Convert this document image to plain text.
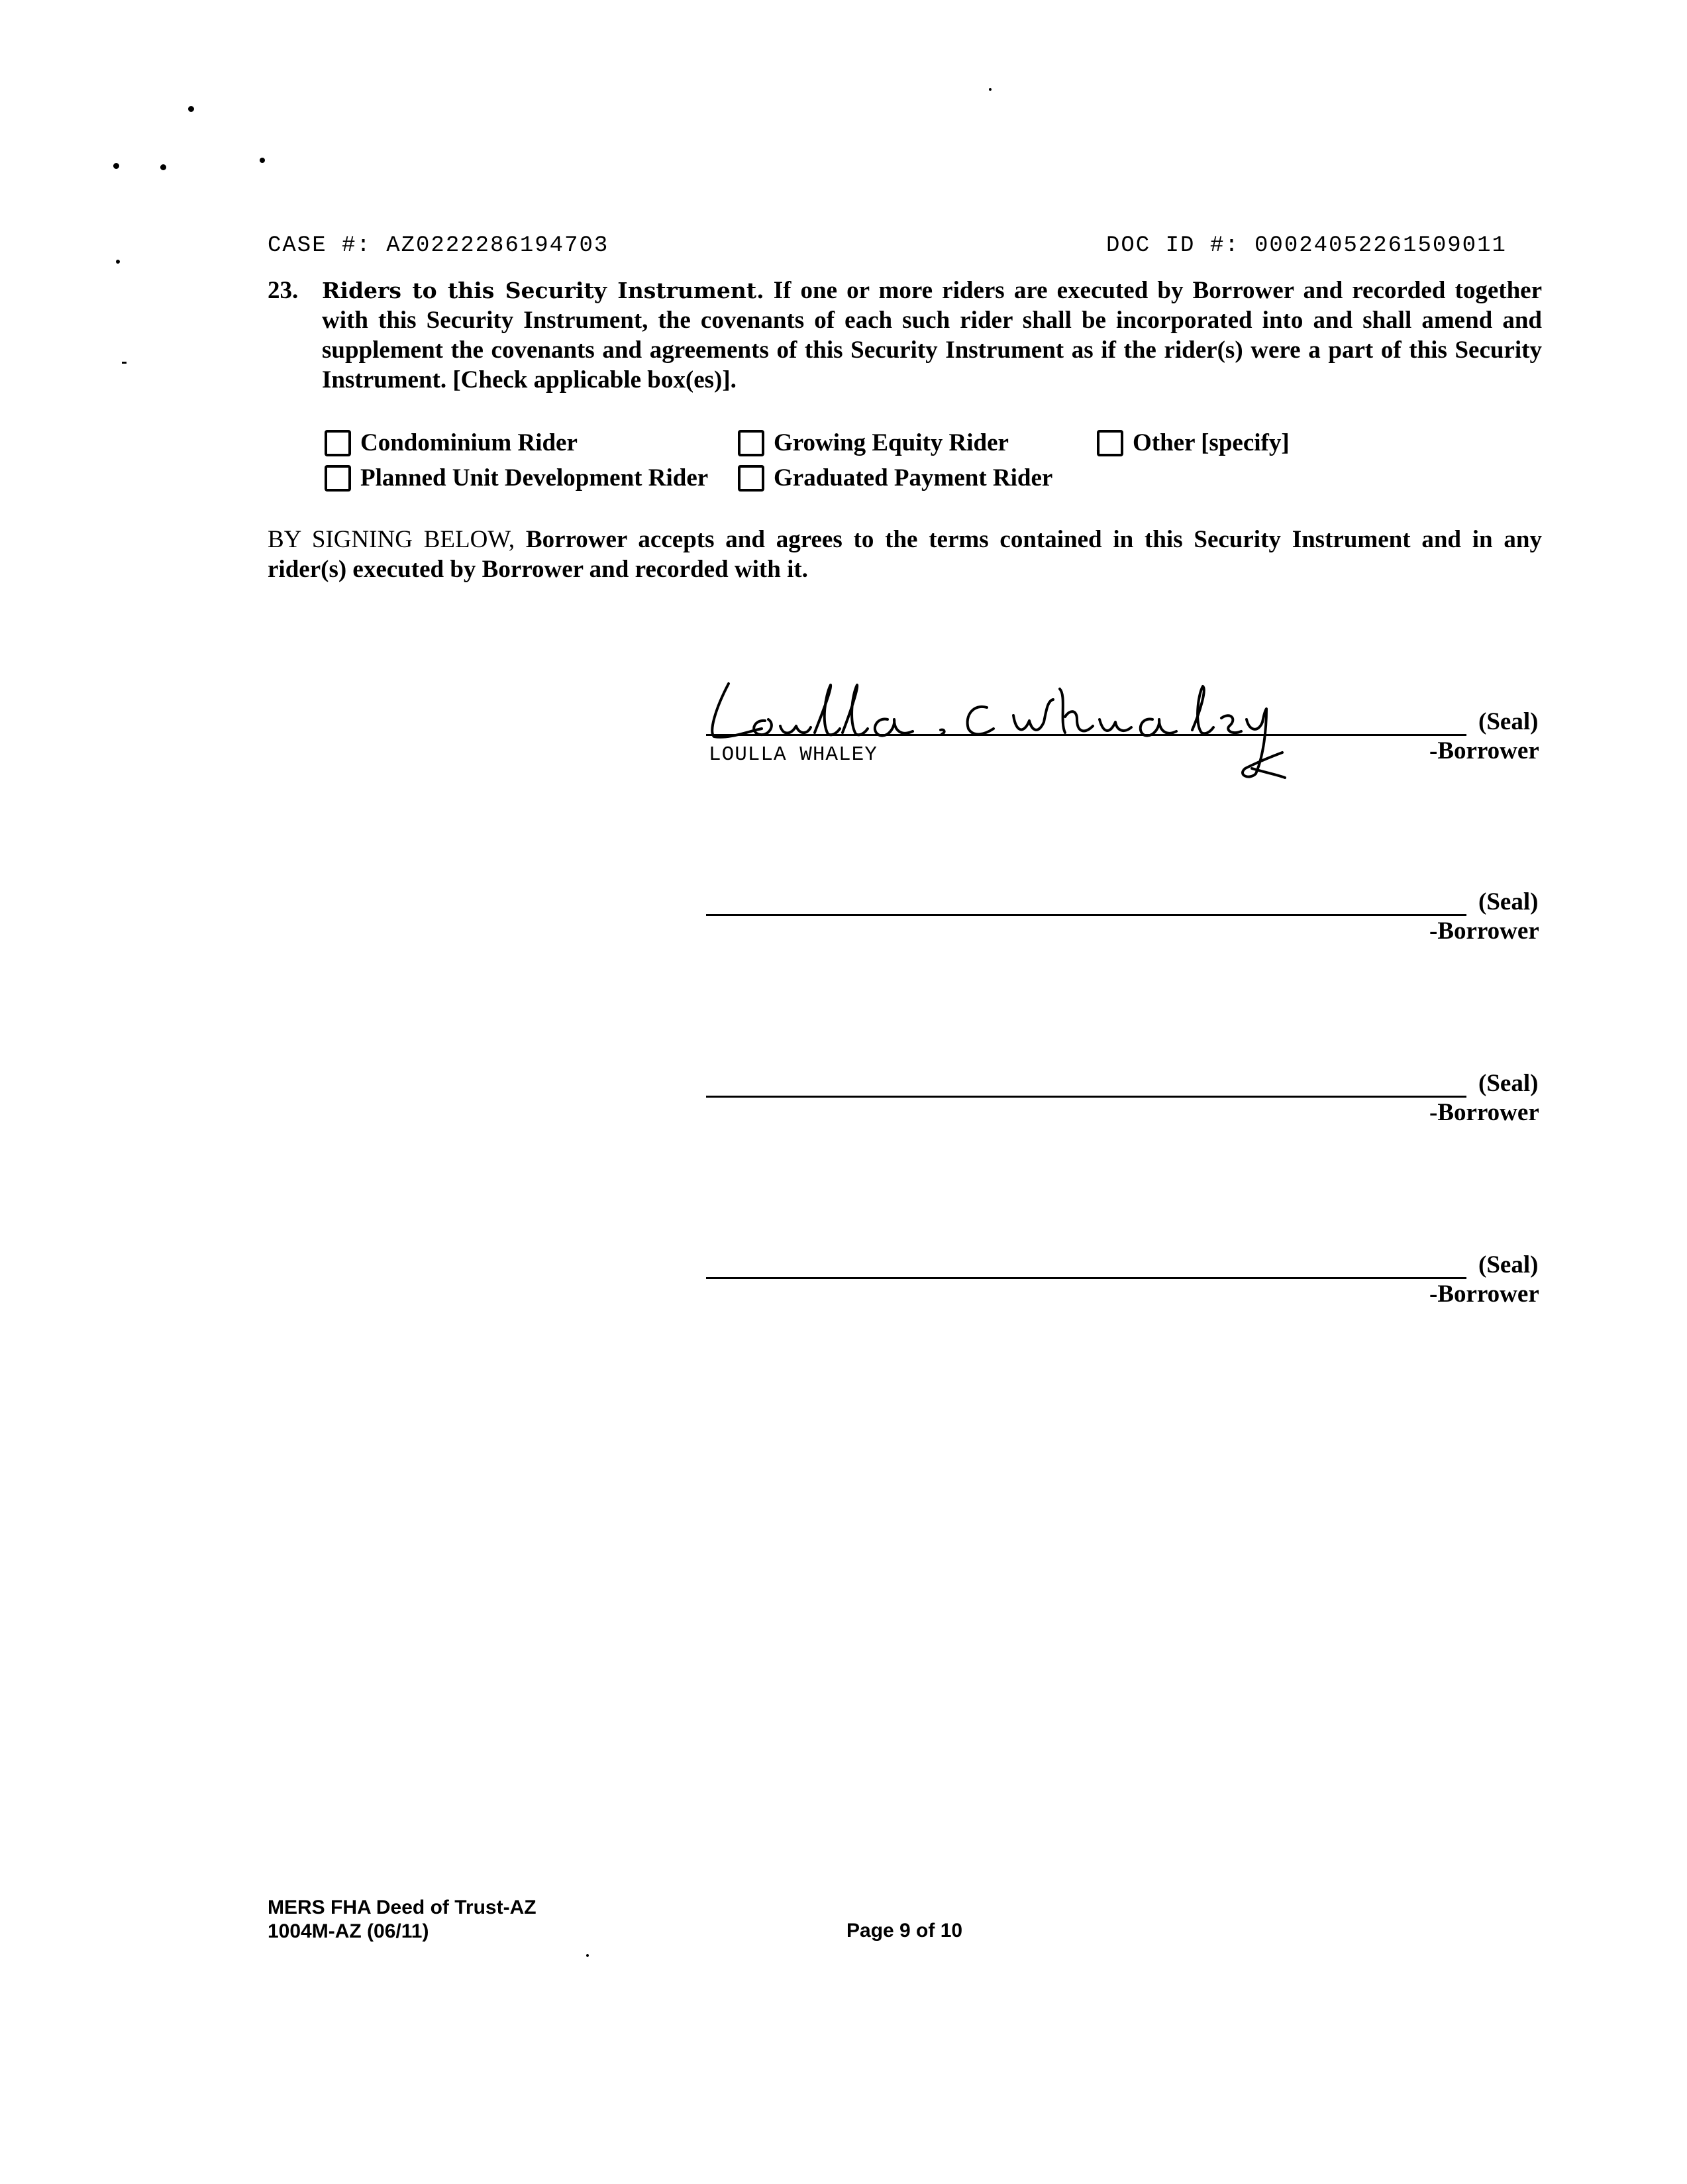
CASE #: AZ0222286194703	DOC ID #: 00024052261509011
23. Riders to this Security Instrument. If one or more riders are executed by Borrower and recorded together with this Security Instrument, the covenants of each such rider shall be incorporated into and shall amend and supplement the covenants and agreements of this Security Instrument as if the rider(s) were a part of this Security Instrument. [Check applicable box(es)].
Condominium Rider
Planned Unit Development Rider
Growing Equity Rider
Graduated Payment Rider
Other [specify]
BY SIGNING BELOW, Borrower accepts and agrees to the terms contained in this Security Instrument and in any rider(s) executed by Borrower and recorded with it.
(Seal)
LOULLA WHALEY	-Borrower
(Seal)
-Borrower
(Seal)
-Borrower
(Seal)
-Borrower
MERS FHA Deed of Trust-AZ
1004M-AZ (06/11)	Page 9 of 10
